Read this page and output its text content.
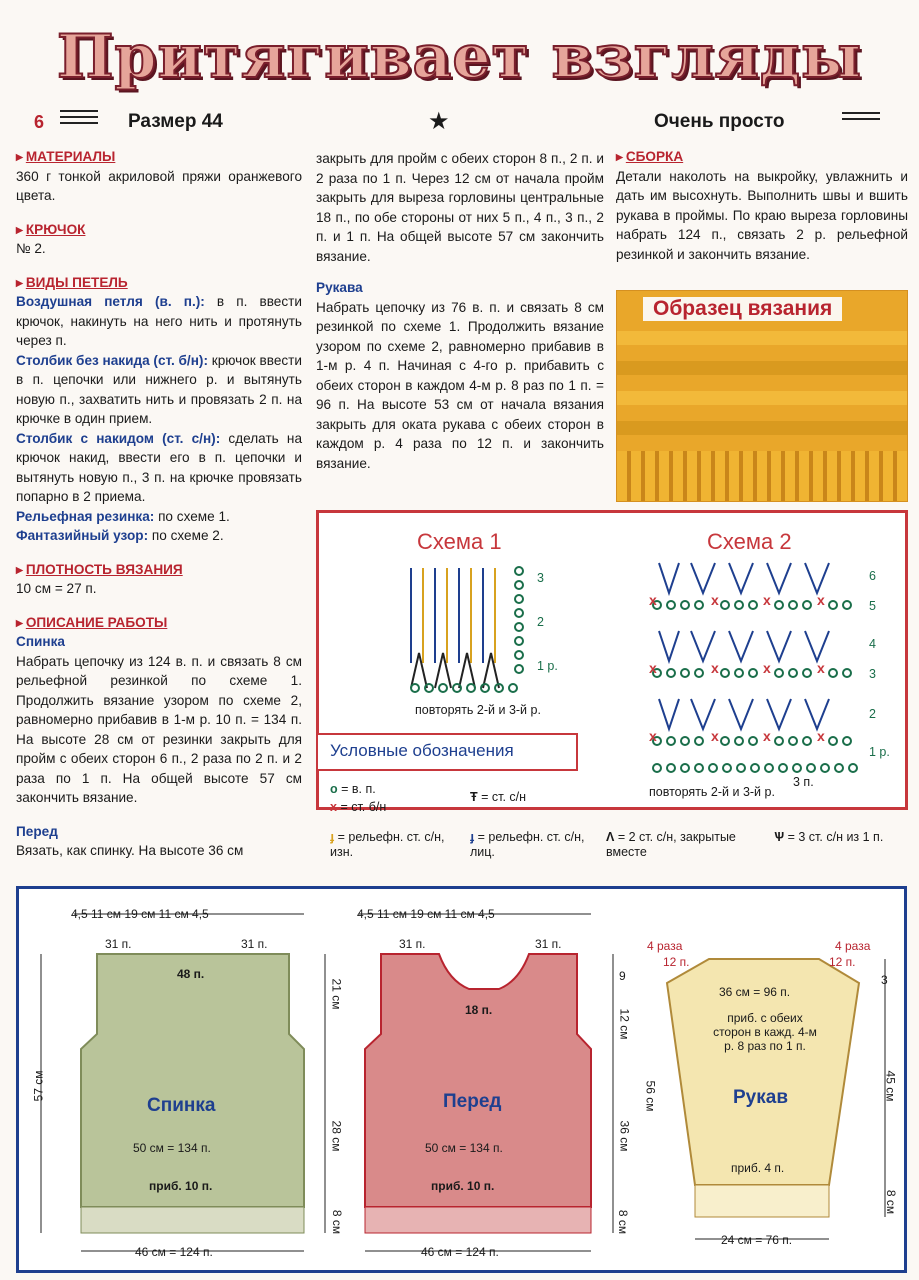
Притягивает взгляды
6	Размер 44	★	Очень просто

▸ МАТЕРИАЛЫ

360 г тонкой акриловой пряжи оранжевого цвета.

▸ КРЮЧОК

№ 2.

▸ ВИДЫ ПЕТЕЛЬ

Воздушная петля (в. п.): в п. ввести крючок, накинуть на него нить и протянуть через п.

Столбик без накида (ст. б/н): крючок ввести в п. цепочки или нижнего р. и вытянуть новую п., захватить нить и провязать 2 п. на крючке в один прием.

Столбик с накидом (ст. с/н): сделать на крючок накид, ввести его в п. цепочки и вытянуть новую п., 3 п. на крючке провязать попарно в 2 приема.

Рельефная резинка: по схеме 1.

Фантазийный узор: по схеме 2.

▸ ПЛОТНОСТЬ ВЯЗАНИЯ

10 см = 27 п.

▸ ОПИСАНИЕ РАБОТЫ

Спинка

Набрать цепочку из 124 в. п. и связать 8 см рельефной резинкой по схеме 1. Продолжить вязание узором по схеме 2, равномерно прибавив в 1-м р. 10 п. = 134 п. На высоте 28 см от резинки закрыть для пройм с обеих сторон 6 п., 2 раза по 2 п. и 2 раза по 1 п. На общей высоте 57 см закончить вязание.

Перед

Вязать, как спинку. На высоте 36 см

закрыть для пройм с обеих сторон 8 п., 2 п. и 2 раза по 1 п. Через 12 см от начала пройм закрыть для выреза горловины центральные 18 п., по обе стороны от них 5 п., 4 п., 3 п., 2 п. и 1 п. На общей высоте 57 см закончить вязание.

Рукава

Набрать цепочку из 76 в. п. и связать 8 см резинкой по схеме 1. Продолжить вязание узором по схеме 2, равномерно прибавив в 1-м р. 4 п. Начиная с 4-го р. прибавить с обеих сторон в каждом 4-м р. 8 раз по 1 п. = 96 п. На высоте 53 см от начала вязания закрыть для оката рукава с обеих сторон в каждом р. 4 раза по 12 п. и закончить вязание.

▸ СБОРКА

Детали наколоть на выкройку, увлажнить и дать им высохнуть. Выполнить швы и вшить рукава в проймы. По краю выреза горловины набрать 124 п., связать 2 р. рельефной резинкой и закончить вязание.

Образец вязания
Схема 1	Схема 2
x	x	x
x
x	x	x
x
x	x	x
x
3
2
1 р.
повторять 2-й и 3-й р.
6
5
4
3
2
1 р.
повторять 2-й и 3-й р.
3 п.
Условные обозначения
o = в. п.
x = ст. б/н
Ŧ = ст. с/н
ɟ = рельефн. ст. с/н, изн.
ɟ = рельефн. ст. с/н, лиц.
Λ = 2 ст. с/н, закрытые вместе
Ѱ = 3 ст. с/н из 1 п.
4,5 11 см 19 см 11 см 4,5
31 п.	31 п.
48 п.
Спинка
50 см = 134 п.
приб. 10 п.
46 см = 124 п.
57 см
21 см
28 см
8 см
4,5 11 см 19 см 11 см 4,5
31 п.	31 п.
18 п.
Перед
50 см = 134 п.
приб. 10 п.
46 см = 124 п.
9
12 см
36 см
56 см
8 см
4 раза	4 раза
12 п.	12 п.
36 см = 96 п.
приб. с обеих сторон в кажд. 4-м р. 8 раз по 1 п.
Рукав
приб. 4 п.
24 см = 76 п.
3
45 см
8 см
